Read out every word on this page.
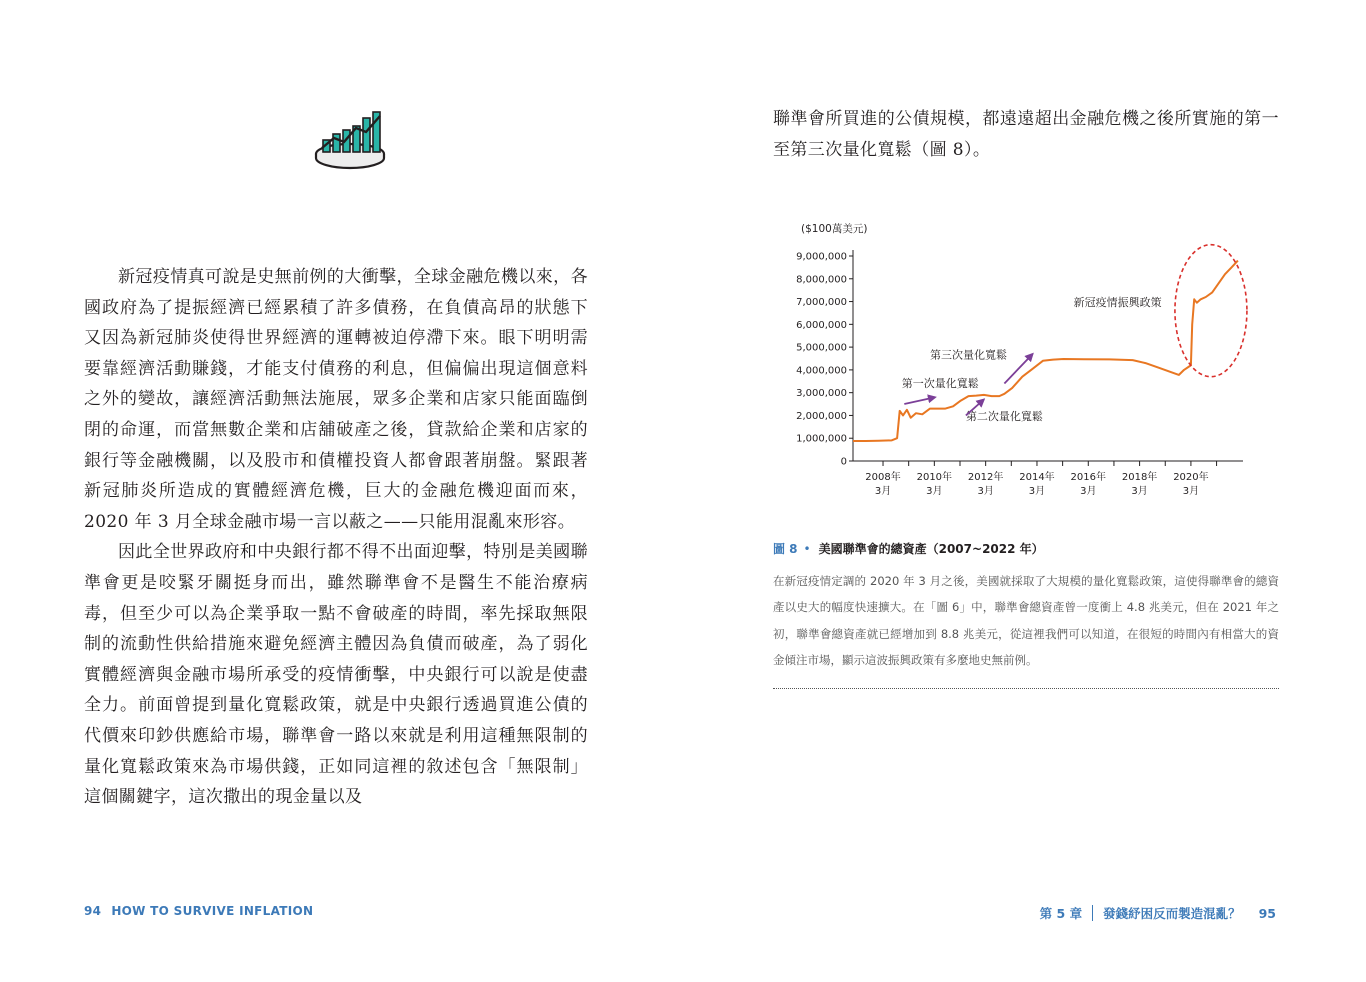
新冠疫情真可說是史無前例的大衝擊，全球金融危機以來，各國政府為了提振經濟已經累積了許多債務，在負債高昂的狀態下又因為新冠肺炎使得世界經濟的運轉被迫停滯下來。眼下明明需要靠經濟活動賺錢，才能支付債務的利息，但偏偏出現這個意料之外的變故，讓經濟活動無法施展，眾多企業和店家只能面臨倒閉的命運，而當無數企業和店舖破產之後，貸款給企業和店家的銀行等金融機關，以及股市和債權投資人都會跟著崩盤。緊跟著新冠肺炎所造成的實體經濟危機，巨大的金融危機迎面而來，2020 年 3 月全球金融市場一言以蔽之——只能用混亂來形容。

因此全世界政府和中央銀行都不得不出面迎擊，特別是美國聯準會更是咬緊牙關挺身而出，雖然聯準會不是醫生不能治療病毒，但至少可以為企業爭取一點不會破產的時間，率先採取無限制的流動性供給措施來避免經濟主體因為負債而破產，為了弱化實體經濟與金融市場所承受的疫情衝擊，中央銀行可以說是使盡全力。前面曾提到量化寬鬆政策，就是中央銀行透過買進公債的代價來印鈔供應給市場，聯準會一路以來就是利用這種無限制的量化寬鬆政策來為市場供錢，正如同這裡的敘述包含「無限制」這個關鍵字，這次撒出的現金量以及

94 HOW TO SURVIVE INFLATION

聯準會所買進的公債規模，都遠遠超出金融危機之後所實施的第一至第三次量化寬鬆（圖 8）。

($100萬美元)
9,000,000
8,000,000
7,000,000
6,000,000
5,000,000
4,000,000
3,000,000
2,000,000
1,000,000
0
2008年
3月
2010年
3月
2012年
3月
2014年
3月
2016年
3月
2018年
3月
2020年
3月
第一次量化寬鬆
第二次量化寬鬆
第三次量化寬鬆
新冠疫情振興政策
圖 8 • 美國聯準會的總資產（2007~2022 年）

在新冠疫情定調的 2020 年 3 月之後，美國就採取了大規模的量化寬鬆政策，這使得聯準會的總資產以史大的幅度快速擴大。在「圖 6」中，聯準會總資產曾一度衝上 4.8 兆美元，但在 2021 年之初，聯準會總資產就已經增加到 8.8 兆美元，從這裡我們可以知道，在很短的時間內有相當大的資金傾注市場，顯示這波振興政策有多麼地史無前例。

第 5 章 發錢紓困反而製造混亂？ 95
